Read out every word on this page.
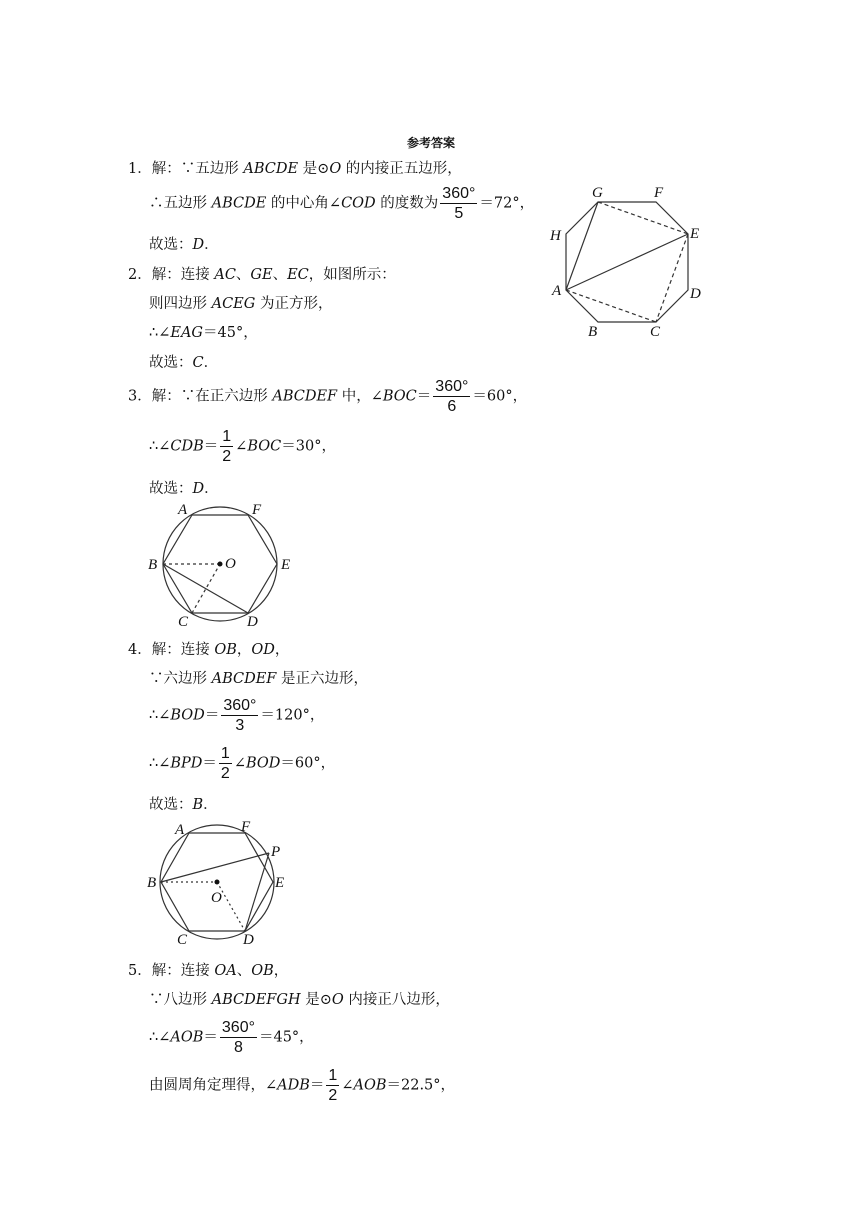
参考答案
1．解：∵五边形 ABCDE 是⊙O 的内接正五边形，
∴五边形 ABCDE 的中心角∠COD 的度数为 $\frac{360^\circ}{5} =72^\circ$，
故选：D．
2．解：连接 AC、GE、EC，如图所示：
则四边形 ACEG 为正方形，
∴∠EAG＝45°，
故选：C．
G	F
H	E
A	D
B	C
3．解：∵在正六边形 ABCDEF 中，∠BOC＝ $\frac{360^\circ}{6} =60^\circ$，
∴∠CDB＝ $\frac{1}{2}$ ∠BOC＝30°，
故选：D．
A	F
B	O	E
C	D
4．解：连接 OB，OD，
∵六边形 ABCDEF 是正六边形，
∴∠BOD＝ $\frac{360^\circ}{3} =120^\circ$，
∴∠BPD＝ $\frac{1}{2}$ ∠BOD＝60°，
故选：B．
A	F
P
B
O
E
C	D
5．解：连接 OA、OB，
∵八边形 ABCDEFGH 是⊙O 内接正八边形，
∴∠AOB＝ $\frac{360^\circ}{8} =45^\circ$，
由圆周角定理得，∠ADB＝ $\frac{1}{2}$ ∠AOB＝22.5°，
